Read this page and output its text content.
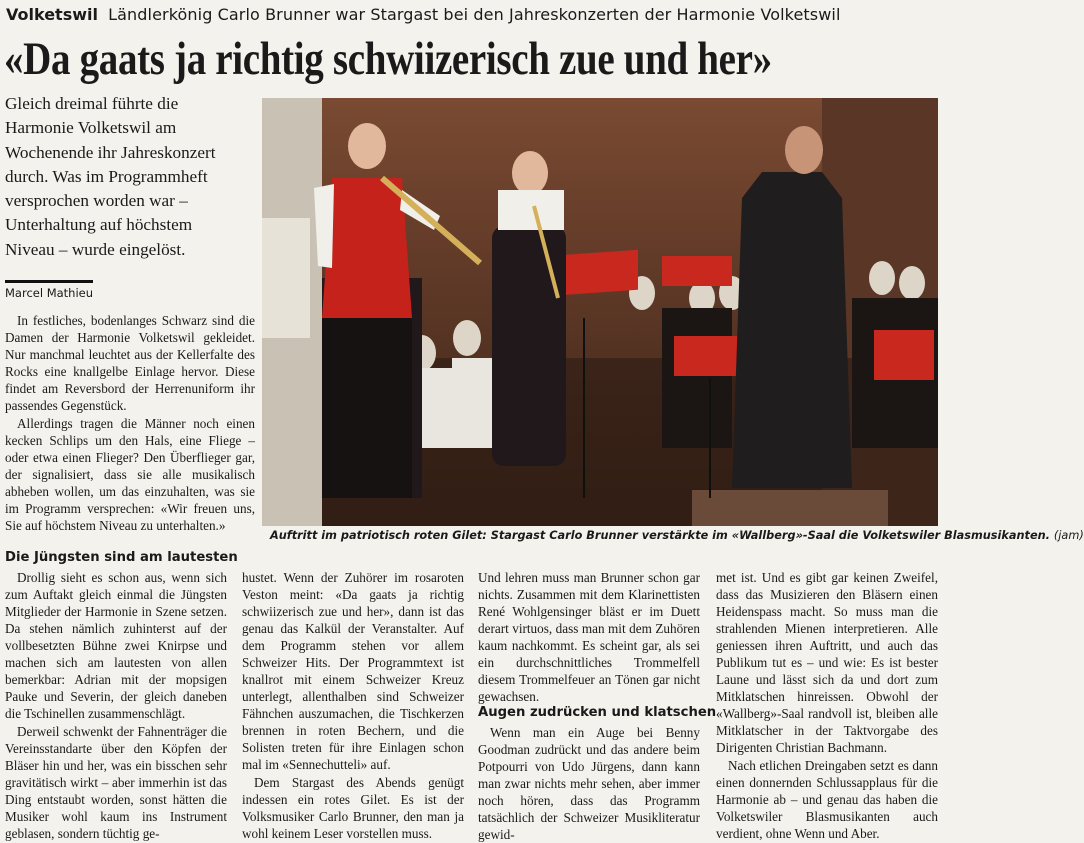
Volketswil Ländlerkönig Carlo Brunner war Stargast bei den Jahreskonzerten der Harmonie Volketswil
«Da gaats ja richtig schwiizerisch zue und her»
Gleich dreimal führte die
Harmonie Volketswil am
Wochenende ihr Jahreskonzert
durch. Was im Programmheft
versprochen worden war –
Unterhaltung auf höchstem
Niveau – wurde eingelöst.
Marcel Mathieu

In festliches, bodenlanges Schwarz sind die Damen der Harmonie Volketswil gekleidet. Nur manchmal leuchtet aus der Kellerfalte des Rocks eine knallgelbe Einlage hervor. Diese findet am Reversbord der Herrenuniform ihr passendes Gegenstück.

Allerdings tragen die Männer noch einen kecken Schlips um den Hals, eine Fliege – oder etwa einen Flieger? Den Überflieger gar, der signalisiert, dass sie alle musikalisch abheben wollen, um das einzuhalten, was sie im Programm versprechen: «Wir freuen uns, Sie auf höchstem Niveau zu unterhalten.»

Die Jüngsten sind am lautesten

Drollig sieht es schon aus, wenn sich zum Auftakt gleich einmal die Jüngsten Mitglieder der Harmonie in Szene setzen. Da stehen nämlich zuhinterst auf der vollbesetzten Bühne zwei Knirpse und machen sich am lautesten von allen bemerkbar: Adrian mit der mopsigen Pauke und Severin, der gleich daneben die Tschinellen zusammenschlägt.

Derweil schwenkt der Fahnenträger die Vereinsstandarte über den Köpfen der Bläser hin und her, was ein bisschen sehr gravitätisch wirkt – aber immerhin ist das Ding entstaubt worden, sonst hätten die Musiker wohl kaum ins Instrument geblasen, sondern tüchtig ge-

hustet. Wenn der Zuhörer im rosaroten Veston meint: «Da gaats ja richtig schwiizerisch zue und her», dann ist das genau das Kalkül der Veranstalter. Auf dem Programm stehen vor allem Schweizer Hits. Der Programmtext ist knallrot mit einem Schweizer Kreuz unterlegt, allenthalben sind Schweizer Fähnchen auszumachen, die Tischkerzen brennen in roten Bechern, und die Solisten treten für ihre Einlagen schon mal im «Sennechutteli» auf.

Dem Stargast des Abends genügt indessen ein rotes Gilet. Es ist der Volksmusiker Carlo Brunner, den man ja wohl keinem Leser vorstellen muss.

Und lehren muss man Brunner schon gar nichts. Zusammen mit dem Klarinettisten René Wohlgensinger bläst er im Duett derart virtuos, dass man mit dem Zuhören kaum nachkommt. Es scheint gar, als sei ein durchschnittliches Trommelfell diesem Trommelfeuer an Tönen gar nicht gewachsen.

Augen zudrücken und klatschen

Wenn man ein Auge bei Benny Goodman zudrückt und das andere beim Potpourri von Udo Jürgens, dann kann man zwar nichts mehr sehen, aber immer noch hören, dass das Programm tatsächlich der Schweizer Musikliteratur gewid-

met ist. Und es gibt gar keinen Zweifel, dass das Musizieren den Bläsern einen Heidenspass macht. So muss man die strahlenden Mienen interpretieren. Alle geniessen ihren Auftritt, und auch das Publikum tut es – und wie: Es ist bester Laune und lässt sich da und dort zum Mitklatschen hinreissen. Obwohl der «Wallberg»-Saal randvoll ist, bleiben alle Mitklatscher in der Taktvorgabe des Dirigenten Christian Bachmann.

Nach etlichen Dreingaben setzt es dann einen donnernden Schlussapplaus für die Harmonie ab – und genau das haben die Volketswiler Blasmusikanten auch verdient, ohne Wenn und Aber.

Auftritt im patriotisch roten Gilet: Stargast Carlo Brunner verstärkte im «Wallberg»-Saal die Volketswiler Blasmusikanten. (jam)
